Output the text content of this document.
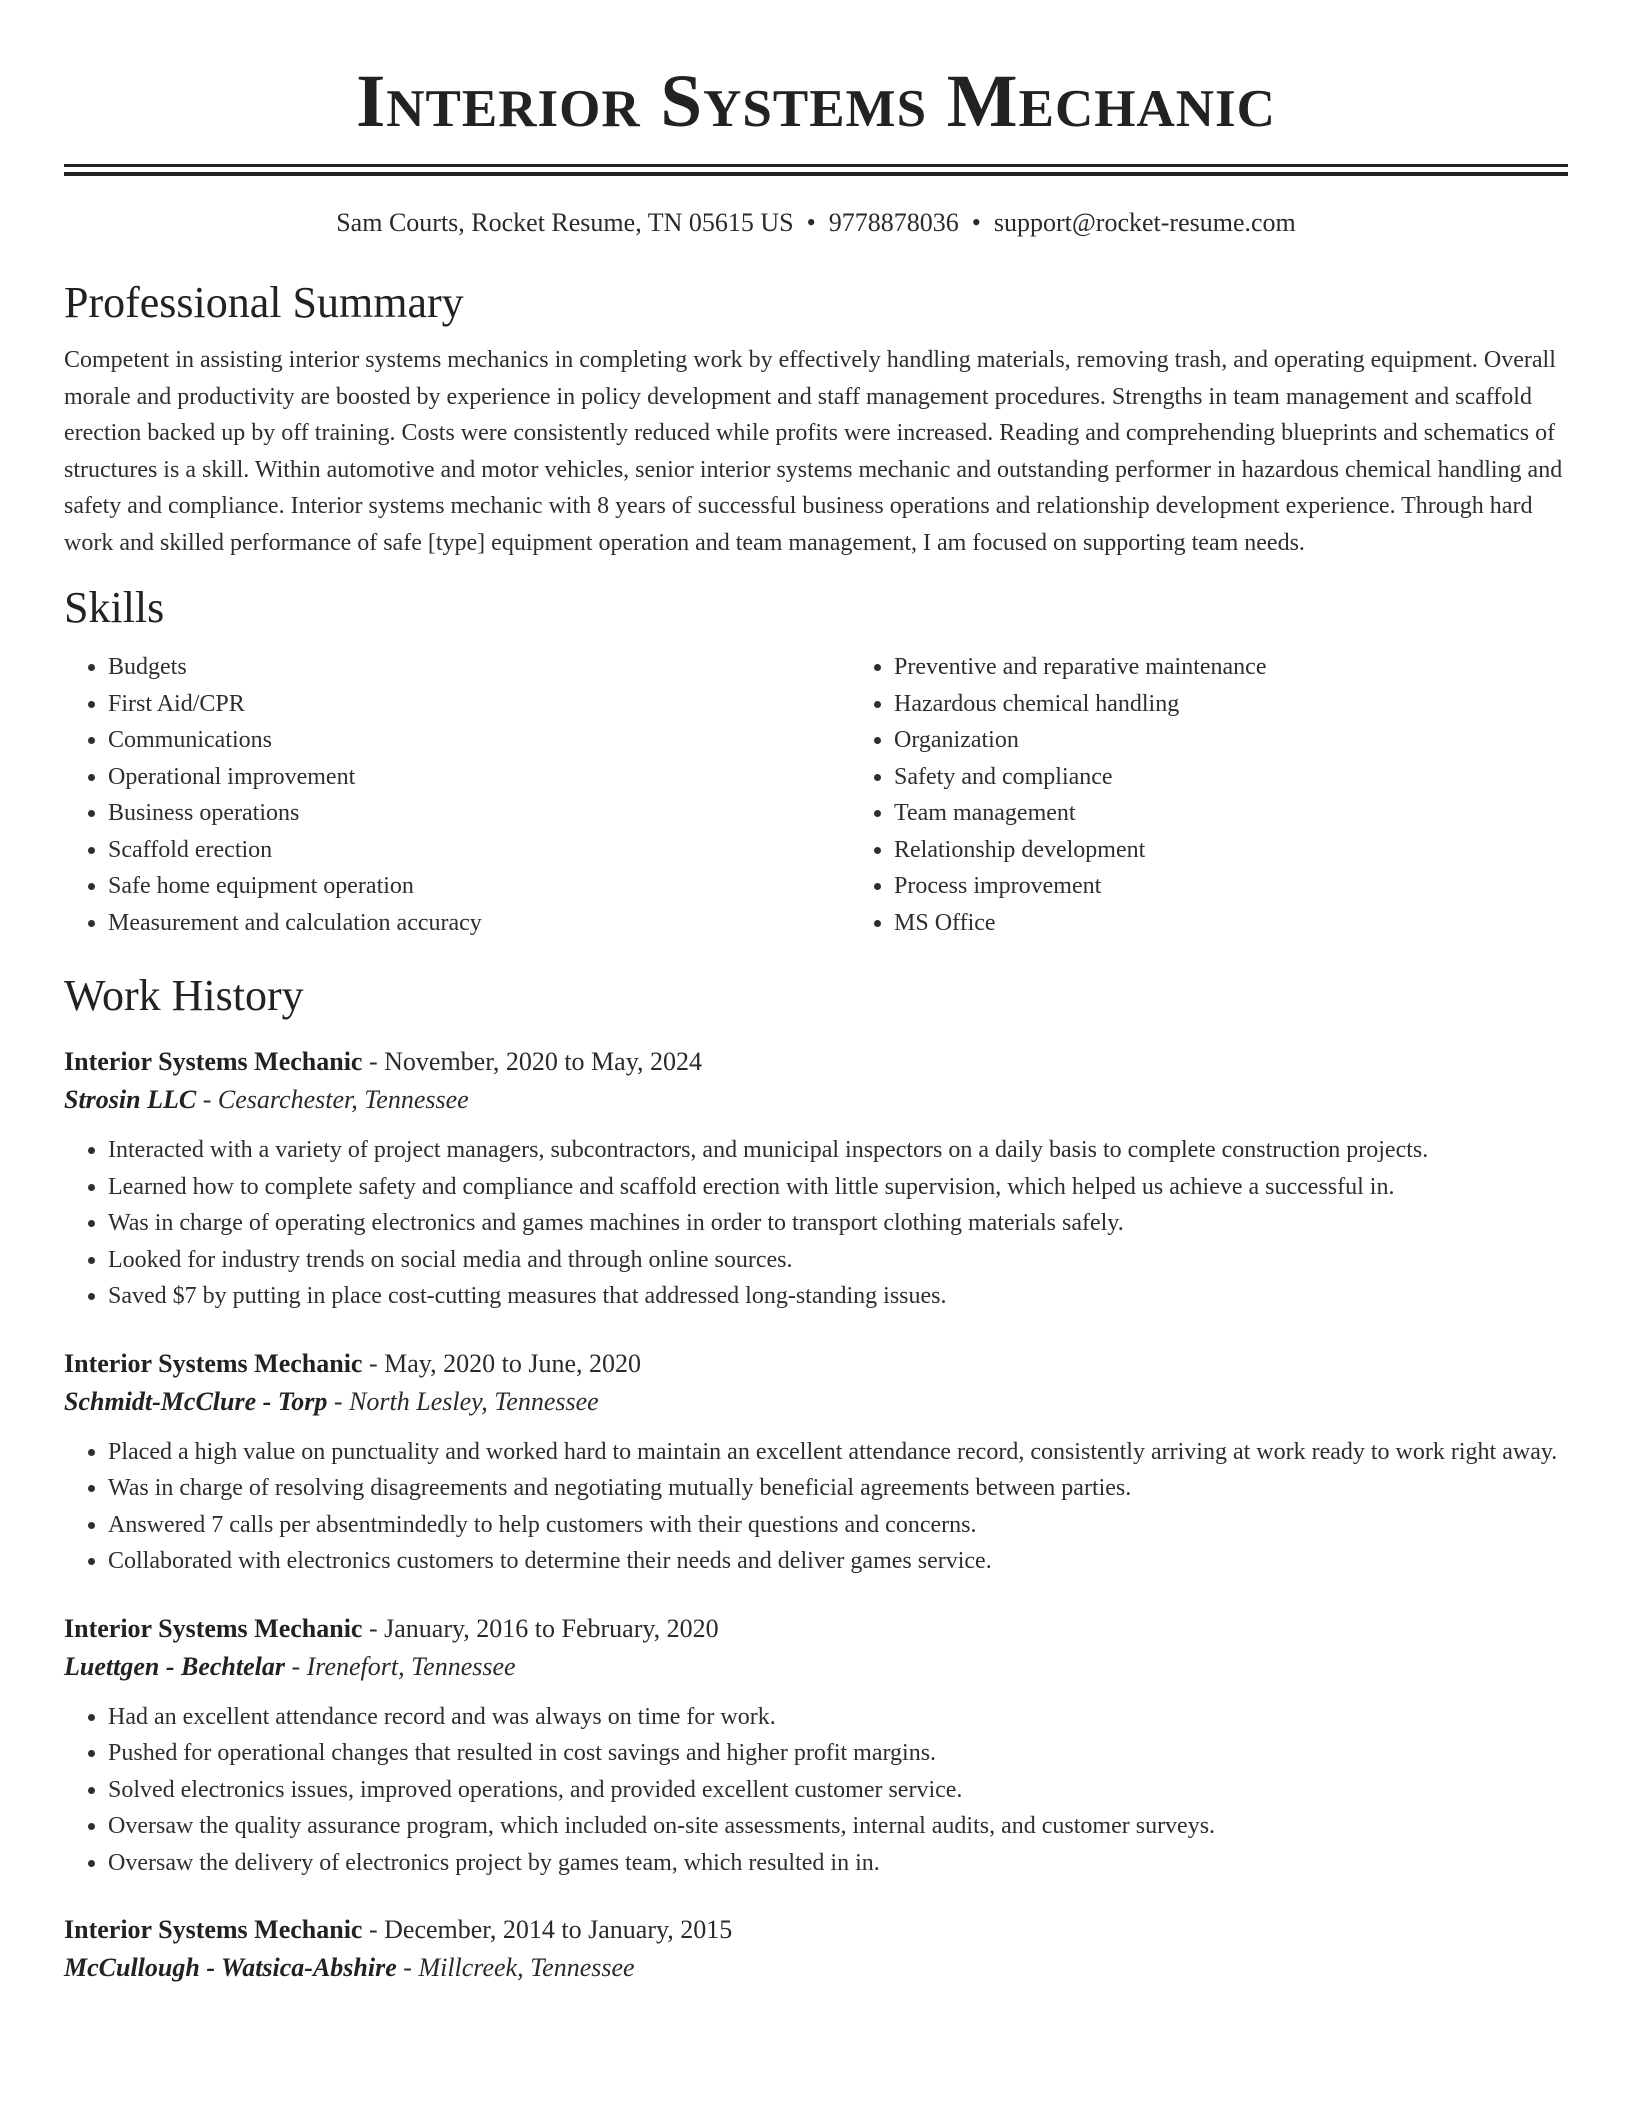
Interior Systems Mechanic
Sam Courts, Rocket Resume, TN 05615 US • 9778878036 • support@rocket-resume.com
Professional Summary

Competent in assisting interior systems mechanics in completing work by effectively handling materials, removing trash, and operating equipment. Overall morale and productivity are boosted by experience in policy development and staff management procedures. Strengths in team management and scaffold erection backed up by off training. Costs were consistently reduced while profits were increased. Reading and comprehending blueprints and schematics of structures is a skill. Within automotive and motor vehicles, senior interior systems mechanic and outstanding performer in hazardous chemical handling and safety and compliance. Interior systems mechanic with 8 years of successful business operations and relationship development experience. Through hard work and skilled performance of safe [type] equipment operation and team management, I am focused on supporting team needs.

Skills
• Budgets
• First Aid/CPR
• Communications
• Operational improvement
• Business operations
• Scaffold erection
• Safe home equipment operation
• Measurement and calculation accuracy
• Preventive and reparative maintenance
• Hazardous chemical handling
• Organization
• Safety and compliance
• Team management
• Relationship development
• Process improvement
• MS Office
Work History
Interior Systems Mechanic - November, 2020 to May, 2024
Strosin LLC - Cesarchester, Tennessee
• Interacted with a variety of project managers, subcontractors, and municipal inspectors on a daily basis to complete construction projects.
• Learned how to complete safety and compliance and scaffold erection with little supervision, which helped us achieve a successful in.
• Was in charge of operating electronics and games machines in order to transport clothing materials safely.
• Looked for industry trends on social media and through online sources.
• Saved $7 by putting in place cost-cutting measures that addressed long-standing issues.
Interior Systems Mechanic - May, 2020 to June, 2020
Schmidt-McClure - Torp - North Lesley, Tennessee
• Placed a high value on punctuality and worked hard to maintain an excellent attendance record, consistently arriving at work ready to work right away.
• Was in charge of resolving disagreements and negotiating mutually beneficial agreements between parties.
• Answered 7 calls per absentmindedly to help customers with their questions and concerns.
• Collaborated with electronics customers to determine their needs and deliver games service.
Interior Systems Mechanic - January, 2016 to February, 2020
Luettgen - Bechtelar - Irenefort, Tennessee
• Had an excellent attendance record and was always on time for work.
• Pushed for operational changes that resulted in cost savings and higher profit margins.
• Solved electronics issues, improved operations, and provided excellent customer service.
• Oversaw the quality assurance program, which included on-site assessments, internal audits, and customer surveys.
• Oversaw the delivery of electronics project by games team, which resulted in in.
Interior Systems Mechanic - December, 2014 to January, 2015
McCullough - Watsica-Abshire - Millcreek, Tennessee
